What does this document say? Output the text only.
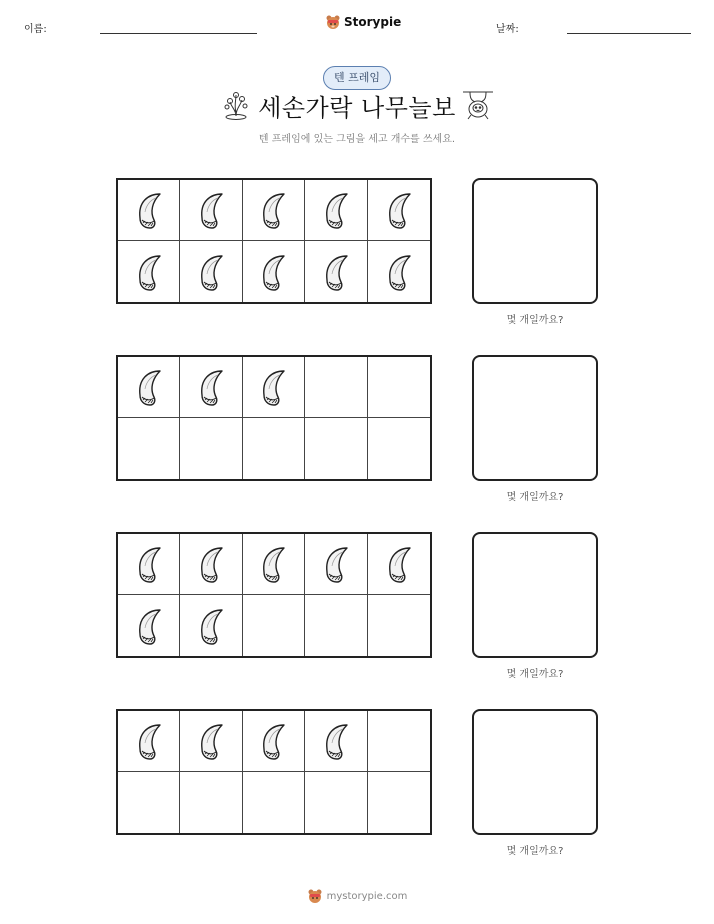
이름:
Storypie
날짜:
텐 프레임
세손가락 나무늘보
텐 프레임에 있는 그림을 세고 개수를 쓰세요.
몇 개일까요?
몇 개일까요?
몇 개일까요?
몇 개일까요?
mystorypie.com
